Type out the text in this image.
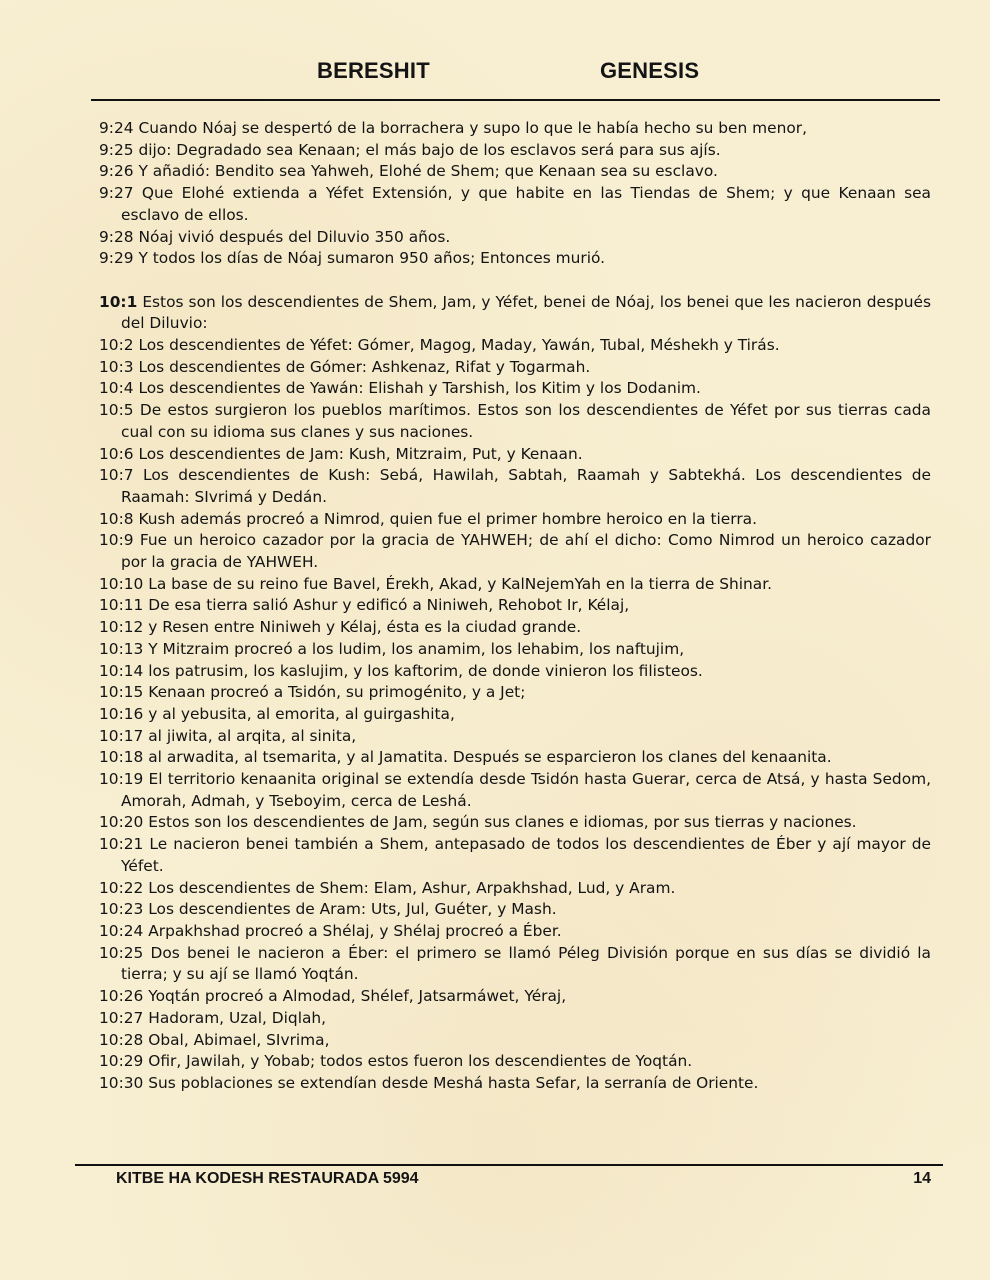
BERESHIT	GENESIS
9:24 Cuando Nóaj se despertó de la borrachera y supo lo que le había hecho su ben menor,
9:25 dijo: Degradado sea Kenaan; el más bajo de los esclavos será para sus ajís.
9:26 Y añadió: Bendito sea Yahweh, Elohé de Shem; que Kenaan sea su esclavo.
9:27 Que Elohé extienda a Yéfet Extensión, y que habite en las Tiendas de Shem; y que Kenaan sea esclavo de ellos.
9:28 Nóaj vivió después del Diluvio 350 años.
9:29 Y todos los días de Nóaj sumaron 950 años; Entonces murió.
10:1 Estos son los descendientes de Shem, Jam, y Yéfet, benei de Nóaj, los benei que les nacieron después del Diluvio:
10:2 Los descendientes de Yéfet: Gómer, Magog, Maday, Yawán, Tubal, Méshekh y Tirás.
10:3 Los descendientes de Gómer: Ashkenaz, Rifat y Togarmah.
10:4 Los descendientes de Yawán: Elishah y Tarshish, los Kitim y los Dodanim.
10:5 De estos surgieron los pueblos marítimos. Estos son los descendientes de Yéfet por sus tierras cada cual con su idioma sus clanes y sus naciones.
10:6 Los descendientes de Jam: Kush, Mitzraim, Put, y Kenaan.
10:7 Los descendientes de Kush: Sebá, Hawilah, Sabtah, Raamah y Sabtekhá. Los descendientes de Raamah: SIvrimá y Dedán.
10:8 Kush además procreó a Nimrod, quien fue el primer hombre heroico en la tierra.
10:9 Fue un heroico cazador por la gracia de YAHWEH; de ahí el dicho: Como Nimrod un heroico cazador por la gracia de YAHWEH.
10:10 La base de su reino fue Bavel, Érekh, Akad, y KalNejemYah en la tierra de Shinar.
10:11 De esa tierra salió Ashur y edificó a Niniweh, Rehobot Ir, Kélaj,
10:12 y Resen entre Niniweh y Kélaj, ésta es la ciudad grande.
10:13 Y Mitzraim procreó a los ludim, los anamim, los lehabim, los naftujim,
10:14 los patrusim, los kaslujim, y los kaftorim, de donde vinieron los filisteos.
10:15 Kenaan procreó a Tsidón, su primogénito, y a Jet;
10:16 y al yebusita, al emorita, al guirgashita,
10:17 al jiwita, al arqita, al sinita,
10:18 al arwadita, al tsemarita, y al Jamatita. Después se esparcieron los clanes del kenaanita.
10:19 El territorio kenaanita original se extendía desde Tsidón hasta Guerar, cerca de Atsá, y hasta Sedom, Amorah, Admah, y Tseboyim, cerca de Leshá.
10:20 Estos son los descendientes de Jam, según sus clanes e idiomas, por sus tierras y naciones.
10:21 Le nacieron benei también a Shem, antepasado de todos los descendientes de Éber y ají mayor de Yéfet.
10:22 Los descendientes de Shem: Elam, Ashur, Arpakhshad, Lud, y Aram.
10:23 Los descendientes de Aram: Uts, Jul, Guéter, y Mash.
10:24 Arpakhshad procreó a Shélaj, y Shélaj procreó a Éber.
10:25 Dos benei le nacieron a Éber: el primero se llamó Péleg División porque en sus días se dividió la tierra; y su ají se llamó Yoqtán.
10:26 Yoqtán procreó a Almodad, Shélef, Jatsarmáwet, Yéraj,
10:27 Hadoram, Uzal, Diqlah,
10:28 Obal, Abimael, SIvrima,
10:29 Ofir, Jawilah, y Yobab; todos estos fueron los descendientes de Yoqtán.
10:30 Sus poblaciones se extendían desde Meshá hasta Sefar, la serranía de Oriente.
KITBE HA KODESH RESTAURADA 5994	14
